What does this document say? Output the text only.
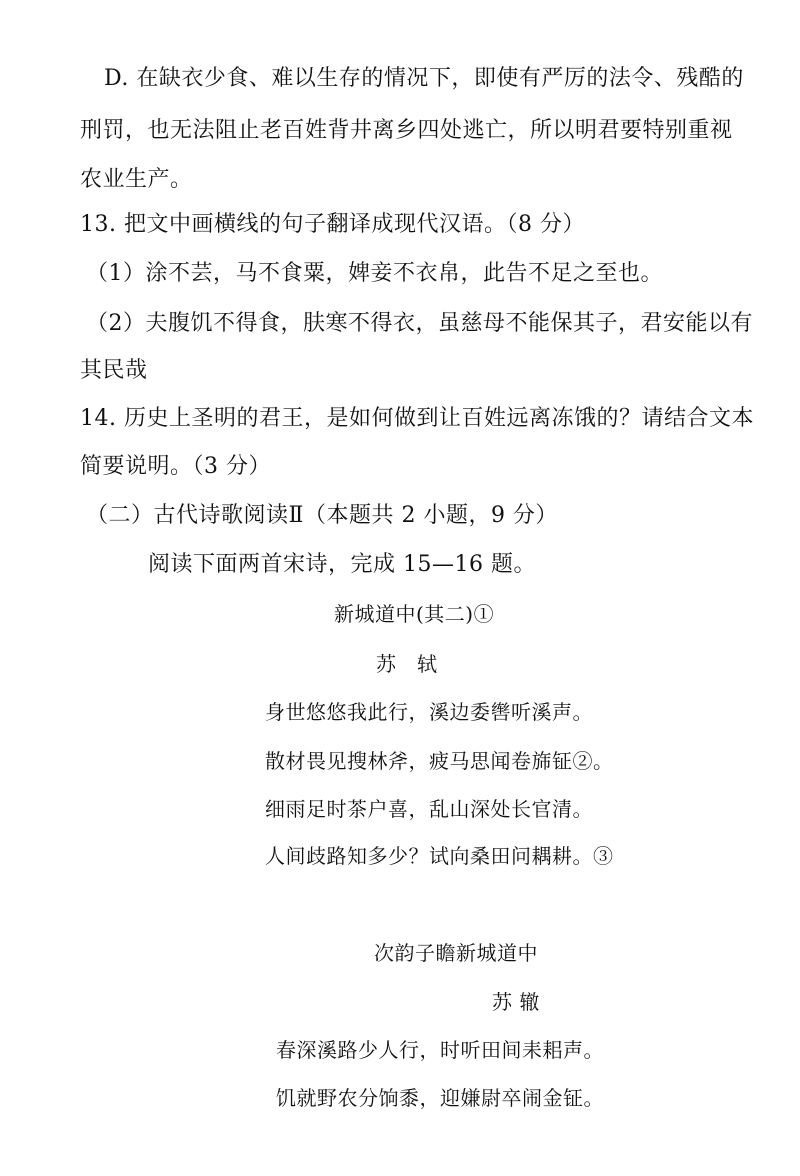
D. 在缺衣少食、难以生存的情况下，即使有严厉的法令、残酷的
刑罚，也无法阻止老百姓背井离乡四处逃亡，所以明君要特别重视
农业生产。
13. 把文中画横线的句子翻译成现代汉语。（8 分）
（1）涂不芸，马不食粟，婢妾不衣帛，此告不足之至也。
（2）夫腹饥不得食，肤寒不得衣，虽慈母不能保其子，君安能以有
其民哉
14. 历史上圣明的君王，是如何做到让百姓远离冻饿的？请结合文本
简要说明。（3 分）
（二）古代诗歌阅读Ⅱ（本题共 2 小题，9 分）
阅读下面两首宋诗，完成 15—16 题。
新城道中(其二)①
苏　轼
身世悠悠我此行，溪边委辔听溪声。
散材畏见搜林斧，疲马思闻卷旆钲②。
细雨足时茶户喜，乱山深处长官清。
人间歧路知多少？试向桑田问耦耕。③
次韵子瞻新城道中
苏 辙
春深溪路少人行，时听田间耒耜声。
饥就野农分饷黍，迎嫌尉卒闹金钲。
